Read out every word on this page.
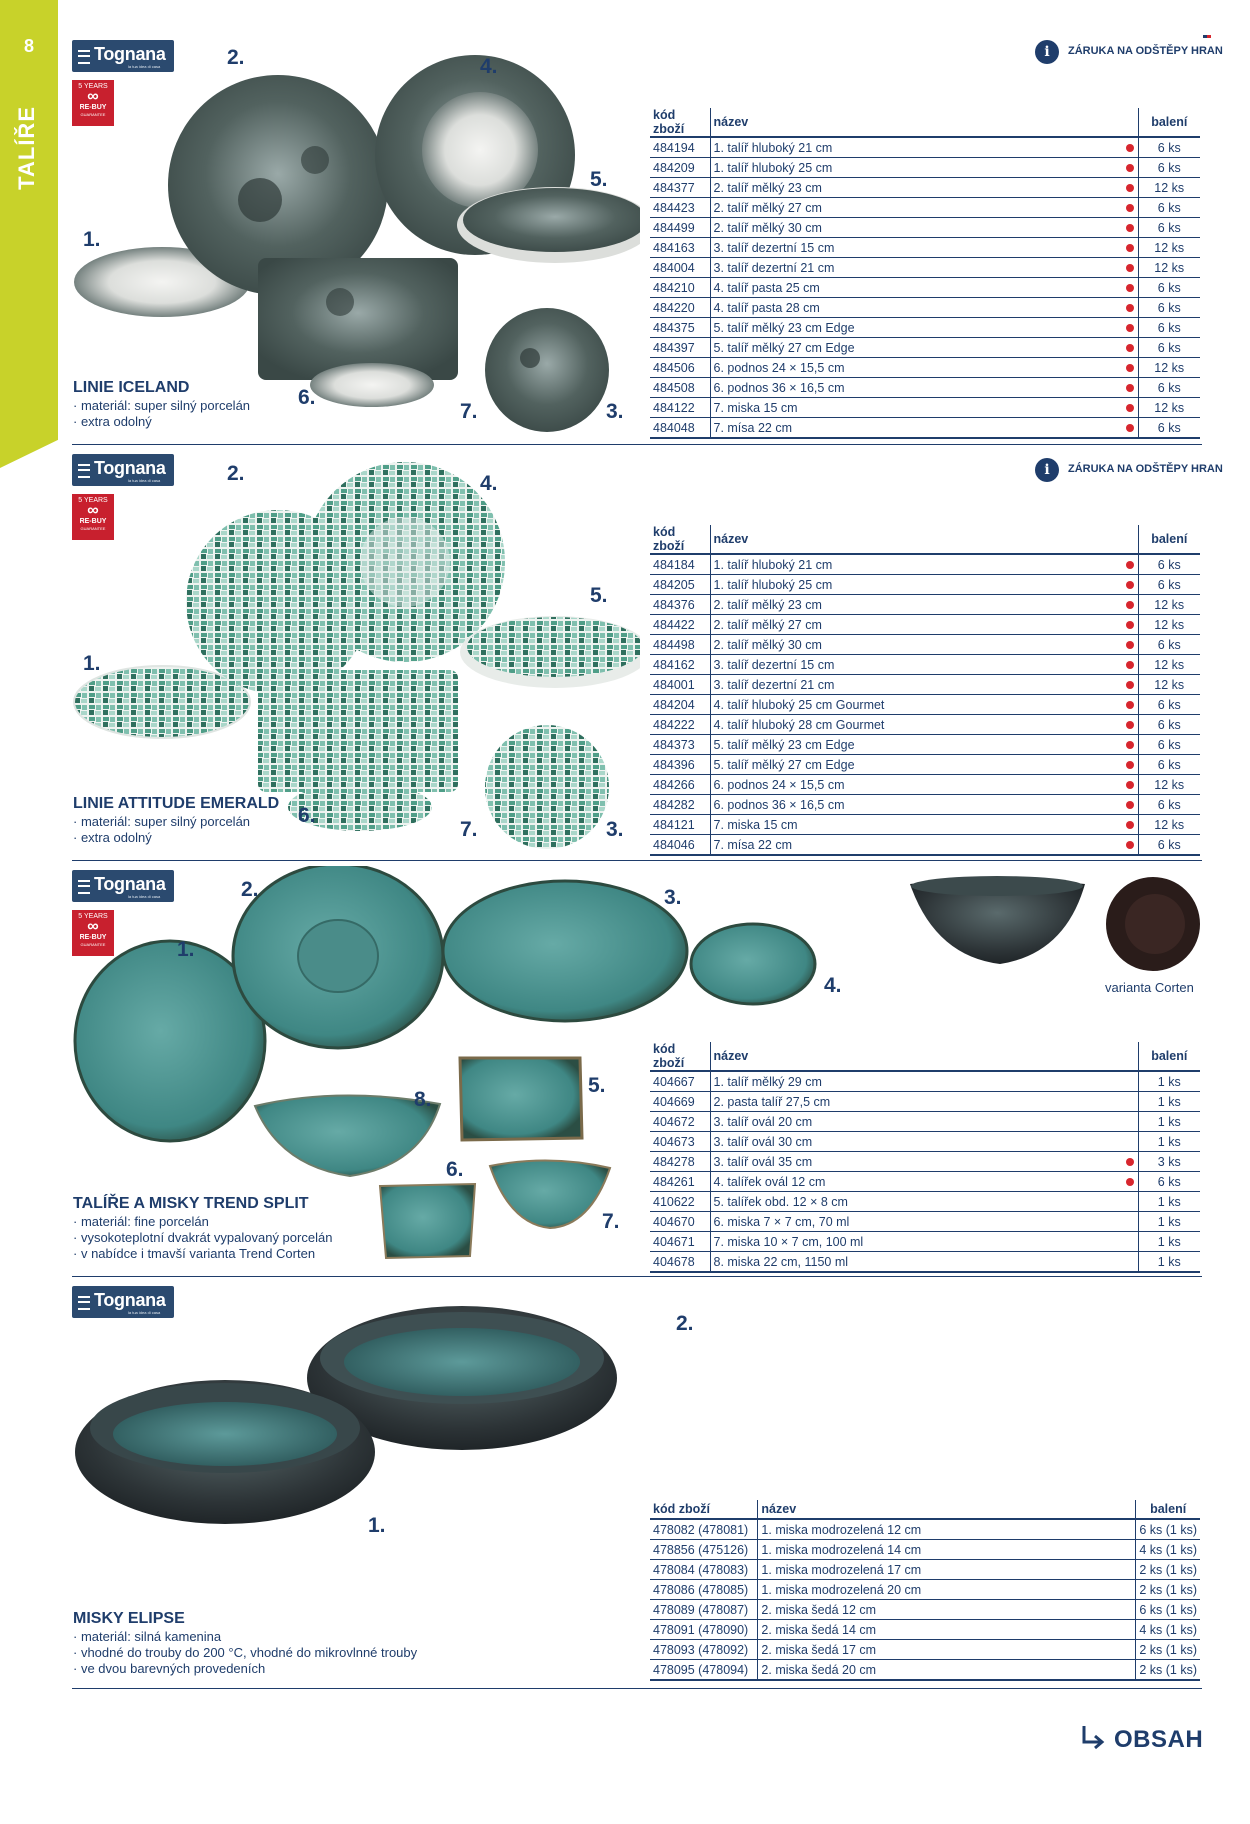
8
TALÍŘE
Tognana
la tua idea di casa
5 YEARS
∞
RE-BUY
GUARANTEE
1.
2.
3.
4.
5.
6.
7.
LINIE ICELAND
· materiál: super silný porcelán
· extra odolný
i	ZÁRUKA NA ODŠTĚPY HRAN
kód zboží	název		balení
484194	1. talíř hluboký 21 cm		6 ks
484209	1. talíř hluboký 25 cm		6 ks
484377	2. talíř mělký 23 cm		12 ks
484423	2. talíř mělký 27 cm		6 ks
484499	2. talíř mělký 30 cm		6 ks
484163	3. talíř dezertní 15 cm		12 ks
484004	3. talíř dezertní 21 cm		12 ks
484210	4. talíř pasta 25 cm		6 ks
484220	4. talíř pasta 28 cm		6 ks
484375	5. talíř mělký 23 cm Edge		6 ks
484397	5. talíř mělký 27 cm Edge		6 ks
484506	6. podnos 24 × 15,5 cm		12 ks
484508	6. podnos 36 × 16,5 cm		6 ks
484122	7. miska 15 cm		12 ks
484048	7. mísa 22 cm		6 ks
Tognana
la tua idea di casa
5 YEARS
∞
RE-BUY
GUARANTEE
1.
2.
3.
4.
5.
6.
7.
LINIE ATTITUDE EMERALD
· materiál: super silný porcelán
· extra odolný
i	ZÁRUKA NA ODŠTĚPY HRAN
kód zboží	název		balení
484184	1. talíř hluboký 21 cm		6 ks
484205	1. talíř hluboký 25 cm		6 ks
484376	2. talíř mělký 23 cm		12 ks
484422	2. talíř mělký 27 cm		12 ks
484498	2. talíř mělký 30 cm		6 ks
484162	3. talíř dezertní 15 cm		12 ks
484001	3. talíř dezertní 21 cm		12 ks
484204	4. talíř hluboký 25 cm Gourmet		6 ks
484222	4. talíř hluboký 28 cm Gourmet		6 ks
484373	5. talíř mělký 23 cm Edge		6 ks
484396	5. talíř mělký 27 cm Edge		6 ks
484266	6. podnos 24 × 15,5 cm		12 ks
484282	6. podnos 36 × 16,5 cm		6 ks
484121	7. miska 15 cm		12 ks
484046	7. mísa 22 cm		6 ks
Tognana
la tua idea di casa
5 YEARS
∞
RE-BUY
GUARANTEE	1.
2.	3.
4.
5.
6.
7.
8.
varianta Corten
TALÍŘE A MISKY TREND SPLIT
· materiál: fine porcelán
· vysokoteplotní dvakrát vypalovaný porcelán
· v nabídce i tmavší varianta Trend Corten
kód zboží	název		balení
404667	1. talíř mělký 29 cm		1 ks
404669	2. pasta talíř 27,5 cm		1 ks
404672	3. talíř ovál 20 cm		1 ks
404673	3. talíř ovál 30 cm		1 ks
484278	3. talíř ovál 35 cm		3 ks
484261	4. talířek ovál 12 cm		6 ks
410622	5. talířek obd. 12 × 8 cm		1 ks
404670	6. miska 7 × 7 cm, 70 ml		1 ks
404671	7. miska 10 × 7 cm, 100 ml		1 ks
404678	8. miska 22 cm, 1150 ml		1 ks
Tognana
la tua idea di casa
1.
2.
MISKY ELIPSE
· materiál: silná kamenina
· vhodné do trouby do 200 °C, vhodné do mikrovlnné trouby
· ve dvou barevných provedeních
kód zboží	název		balení
478082 (478081)	1. miska modrozelená 12 cm		6 ks (1 ks)
478856 (475126)	1. miska modrozelená 14 cm		4 ks (1 ks)
478084 (478083)	1. miska modrozelená 17 cm		2 ks (1 ks)
478086 (478085)	1. miska modrozelená 20 cm		2 ks (1 ks)
478089 (478087)	2. miska šedá 12 cm		6 ks (1 ks)
478091 (478090)	2. miska šedá 14 cm		4 ks (1 ks)
478093 (478092)	2. miska šedá 17 cm		2 ks (1 ks)
478095 (478094)	2. miska šedá 20 cm		2 ks (1 ks)
OBSAH
